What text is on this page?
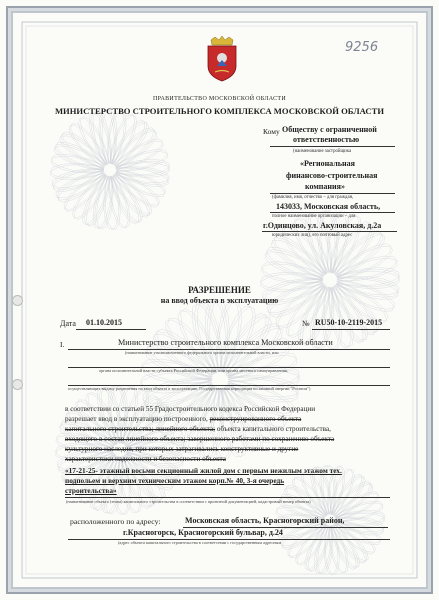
9256
ПРАВИТЕЛЬСТВО МОСКОВСКОЙ ОБЛАСТИ
МИНИСТЕРСТВО СТРОИТЕЛЬНОГО КОМПЛЕКСА МОСКОВСКОЙ ОБЛАСТИ
Кому Обществу с ограниченной
ответственностью
(наименование застройщика
«Региональная
финансово-строительная
компания»
(фамилия, имя, отчество – для граждан,
143033, Московская область,
полное наименование организации – для
г.Одинцово, ул. Акуловская, д.2а
юридических лиц), его почтовый адрес
РАЗРЕШЕНИЕ
на ввод объекта в эксплуатацию
Дата 01.10.2015	№ RU50-10-2119-2015
I.	Министерство строительного комплекса Московской области
(наименование уполномоченного федерального органа исполнительной власти, или
органа исполнительной власти субъекта Российской Федерации, или органа местного самоуправления,
осуществляющих выдачу разрешения на ввод объекта в эксплуатацию, Государственная корпорация по атомной энергии "Росатом")
в соответствии со статьей 55 Градостроительного кодекса Российской Федерации
разрешает ввод в эксплуатацию построенного, реконструированного объекта
капитального строительства; линейного объекта; объекта капитального строительства,
входящего в состав линейного объекта; завершенного работами по сохранению объекта
культурного наследия, при которых затрагивались конструктивные и другие
характеристики надежности и безопасности объекта
«17-21-25- этажный восьми секционный жилой дом с первым нежилым этажом тех.
подпольем и верхним техническим этажом корп.№ 40, 3-я очередь
строительства»
(наименование объекта (этапа) капитального строительства в соответствии с проектной документацией, кадастровый номер объекта)
расположенного по адресу:	Московская область, Красногорский район,
г.Красногорск, Красногорский бульвар, д.24
(адрес объекта капитального строительства в соответствии с государственным адресным
